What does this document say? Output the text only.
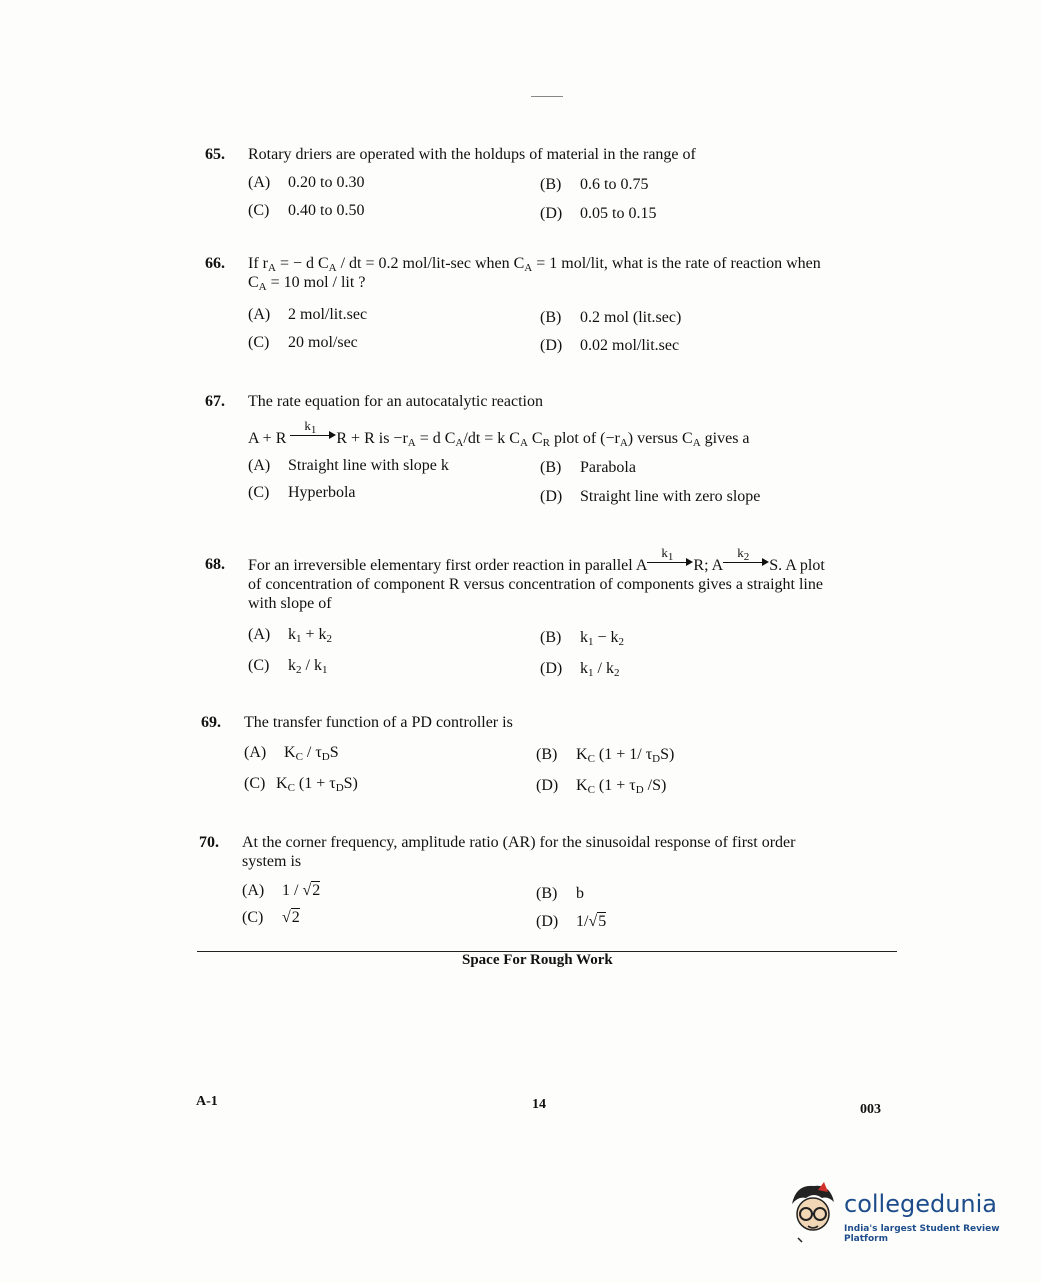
65. Rotary driers are operated with the holdups of material in the range of
(A) 0.20 to 0.30	(B) 0.6 to 0.75
(C) 0.40 to 0.50	(D) 0.05 to 0.15
66. If $r_A$ = − d $C_A$ / dt = 0.2 mol/lit-sec when $C_A = 1$ mol/lit, what is the rate of reaction when
$C_A = 10$ mol / lit ?
(A) 2 mol/lit.sec	(B) 0.2 mol (lit.sec)
(C) 20 mol/sec	(D) 0.02 mol/lit.sec
67. The rate equation for an autocatalytic reaction
A + R
$k_1$ R + R is $-r_A = d$ $C_A/dt = k$ $C_A$ $C_R$ plot of $(-r_A)$ versus $C_A$ gives a
(A) Straight line with slope k	(B) Parabola
(C) Hyperbola	(D) Straight line with zero slope
68. For an irreversible elementary first order reaction in parallel A
$k_1$ R; A
$k_2$ S. A plot
of concentration of component R versus concentration of components gives a straight line
with slope of
(A) $k_1 + k_2$	(B) $k_1 - k_2$
(C) $k_2 / k_1$	(D) $k_1 / k_2$
69. The transfer function of a PD controller is
(A) $K_C / \tau_DS$	(B) $K_C$ (1 + 1/ $\tau_DS$)
(C) $K_C$ $(1 + \tau_DS)$	(D) $K_C$ ($1 + \tau_D$ /S)
70. At the corner frequency, amplitude ratio (AR) for the sinusoidal response of first order
system is
(A) 1 / √2	(B) b
(C) √2	(D) 1/√5
Space For Rough Work
A-1	14	003
collegedunia
India's largest Student Review Platform
